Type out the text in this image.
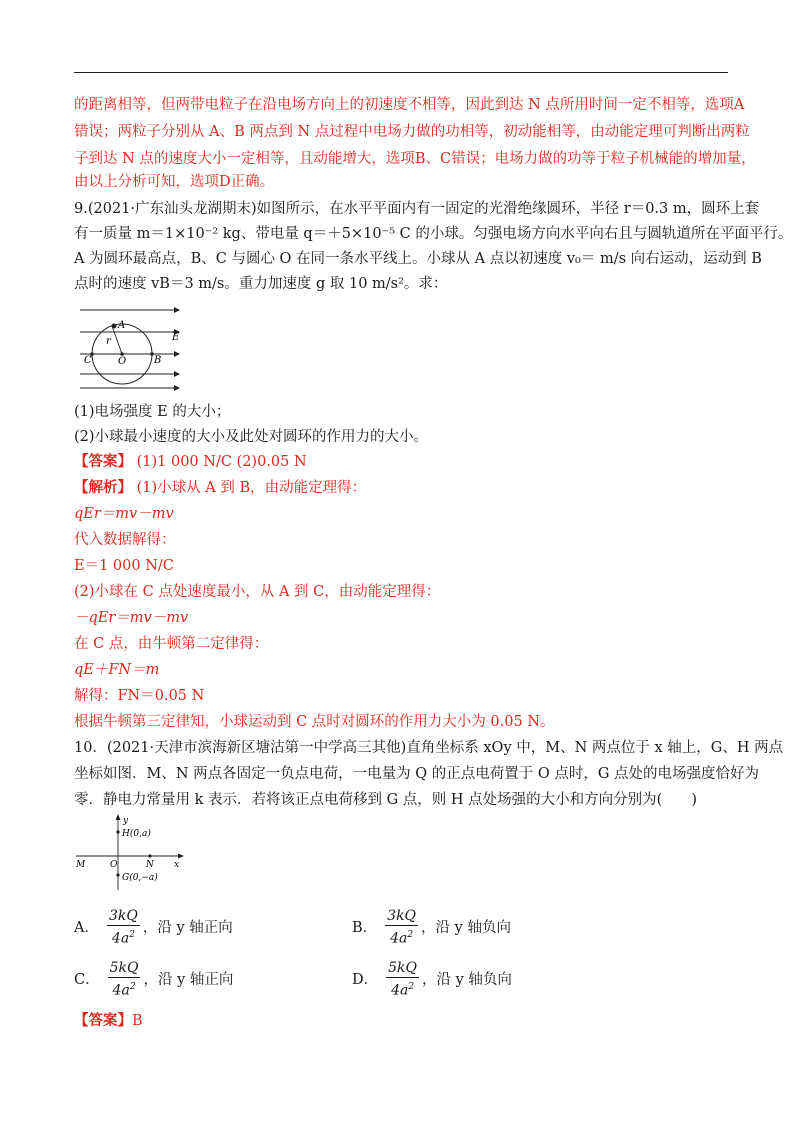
的距离相等，但两带电粒子在沿电场方向上的初速度不相等，因此到达 N 点所用时间一定不相等，选项A
错误；两粒子分别从 A、B 两点到 N 点过程中电场力做的功相等，初动能相等，由动能定理可判断出两粒
子到达 N 点的速度大小一定相等，且动能增大，选项B、C错误；电场力做的功等于粒子机械能的增加量，
由以上分析可知，选项D正确。
9.(2021·广东汕头龙湖期末)如图所示，在水平平面内有一固定的光滑绝缘圆环，半径 r＝0.3 m，圆环上套
有一质量 m＝1×10⁻² kg、带电量 q＝＋5×10⁻⁵ C 的小球。匀强电场方向水平向右且与圆轨道所在平面平行。
A 为圆环最高点，B、C 与圆心 O 在同一条水平线上。小球从 A 点以初速度 v₀＝ m/s 向右运动，运动到 B
点时的速度 vB＝3 m/s。重力加速度 g 取 10 m/s²。求：
A
E
r
C	O	B
(1)电场强度 E 的大小；
(2)小球最小速度的大小及此处对圆环的作用力的大小。
【答案】 (1)1 000 N/C (2)0.05 N
【解析】 (1)小球从 A 到 B，由动能定理得：
qEr＝mv－mv
代入数据解得：
E＝1 000 N/C
(2)小球在 C 点处速度最小，从 A 到 C，由动能定理得：
－qEr＝mv－mv
在 C 点，由牛顿第二定律得：
qE＋FN＝m
解得：FN＝0.05 N
根据牛顿第三定律知，小球运动到 C 点时对圆环的作用力大小为 0.05 N。
10．(2021·天津市滨海新区塘沽第一中学高三其他)直角坐标系 xOy 中，M、N 两点位于 x 轴上，G、H 两点
坐标如图．M、N 两点各固定一负点电荷，一电量为 Q 的正点电荷置于 O 点时，G 点处的电场强度恰好为
零．静电力常量用 k 表示．若将该正点电荷移到 G 点，则 H 点处场强的大小和方向分别为(　　)
y
H(0,a)
M	O	N x
G(0,−a)
A． $\frac{3kQ}{4a^2}$ ，沿 y 轴正向	B． $\frac{3kQ}{4a^2}$ ，沿 y 轴负向
C． $\frac{5kQ}{4a^2}$ ，沿 y 轴正向	D． $\frac{5kQ}{4a^2}$ ，沿 y 轴负向
【答案】B
